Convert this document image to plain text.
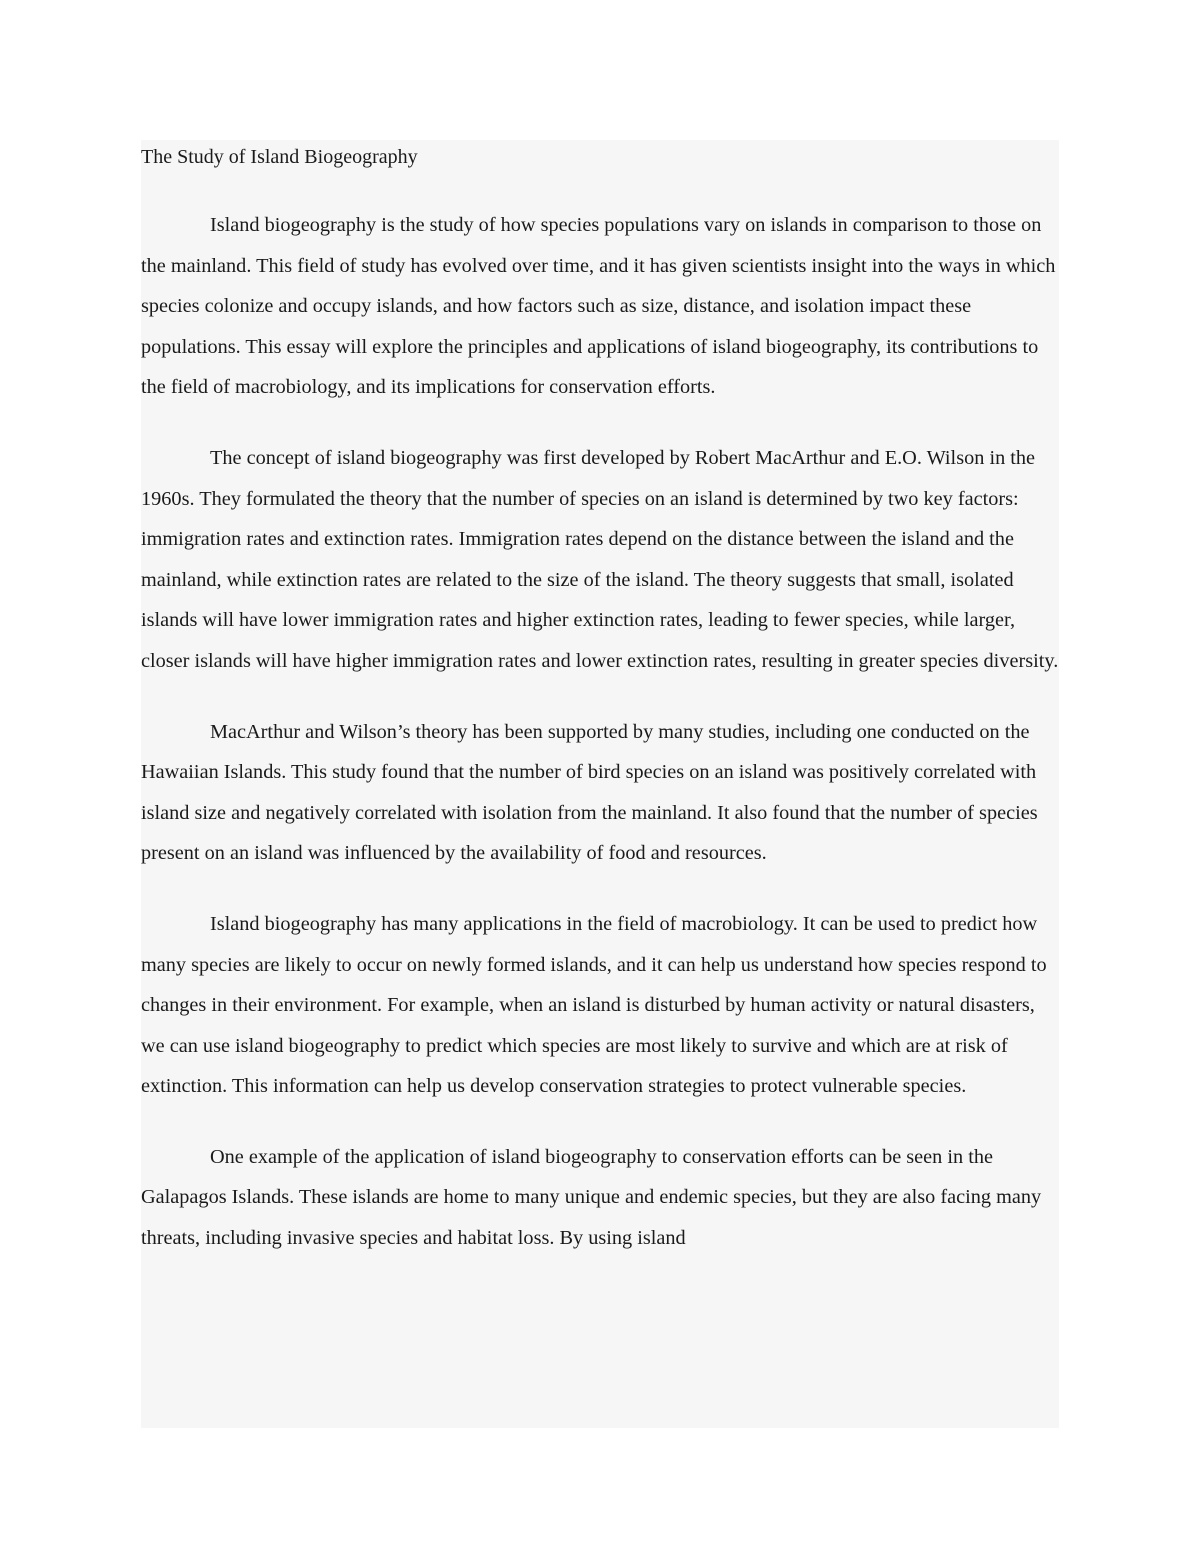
The Study of Island Biogeography

Island biogeography is the study of how species populations vary on islands in comparison to those on the mainland. This field of study has evolved over time, and it has given scientists insight into the ways in which species colonize and occupy islands, and how factors such as size, distance, and isolation impact these populations. This essay will explore the principles and applications of island biogeography, its contributions to the field of macrobiology, and its implications for conservation efforts.

The concept of island biogeography was first developed by Robert MacArthur and E.O. Wilson in the 1960s. They formulated the theory that the number of species on an island is determined by two key factors: immigration rates and extinction rates. Immigration rates depend on the distance between the island and the mainland, while extinction rates are related to the size of the island. The theory suggests that small, isolated islands will have lower immigration rates and higher extinction rates, leading to fewer species, while larger, closer islands will have higher immigration rates and lower extinction rates, resulting in greater species diversity.

MacArthur and Wilson’s theory has been supported by many studies, including one conducted on the Hawaiian Islands. This study found that the number of bird species on an island was positively correlated with island size and negatively correlated with isolation from the mainland. It also found that the number of species present on an island was influenced by the availability of food and resources.

Island biogeography has many applications in the field of macrobiology. It can be used to predict how many species are likely to occur on newly formed islands, and it can help us understand how species respond to changes in their environment. For example, when an island is disturbed by human activity or natural disasters, we can use island biogeography to predict which species are most likely to survive and which are at risk of extinction. This information can help us develop conservation strategies to protect vulnerable species.

One example of the application of island biogeography to conservation efforts can be seen in the Galapagos Islands. These islands are home to many unique and endemic species, but they are also facing many threats, including invasive species and habitat loss. By using island
